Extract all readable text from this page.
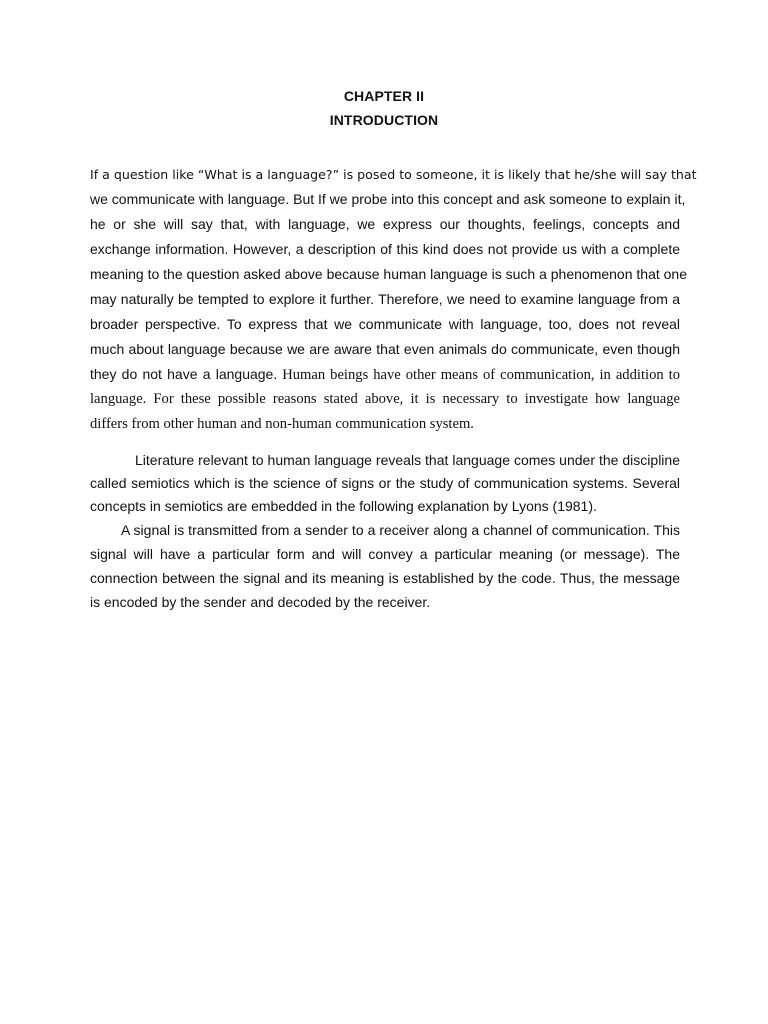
CHAPTER II
INTRODUCTION
If a question like “What is a language?” is posed to someone, it is likely that he/she will say that
we communicate with language. But If we probe into this concept and ask someone to explain it,
he or she will say that, with language, we express our thoughts, feelings, concepts and
exchange information. However, a description of this kind does not provide us with a complete
meaning to the question asked above because human language is such a phenomenon that one
may naturally be tempted to explore it further. Therefore, we need to examine language from a
broader perspective. To express that we communicate with language, too, does not reveal
much about language because we are aware that even animals do communicate, even though
they do not have a language. Human beings have other means of communication, in addition to
language. For these possible reasons stated above, it is necessary to investigate how language
differs from other human and non-human communication system.
Literature relevant to human language reveals that language comes under the discipline
called semiotics which is the science of signs or the study of communication systems. Several
concepts in semiotics are embedded in the following explanation by Lyons (1981).
A signal is transmitted from a sender to a receiver along a channel of communication. This
signal will have a particular form and will convey a particular meaning (or message). The
connection between the signal and its meaning is established by the code. Thus, the message
is encoded by the sender and decoded by the receiver.
